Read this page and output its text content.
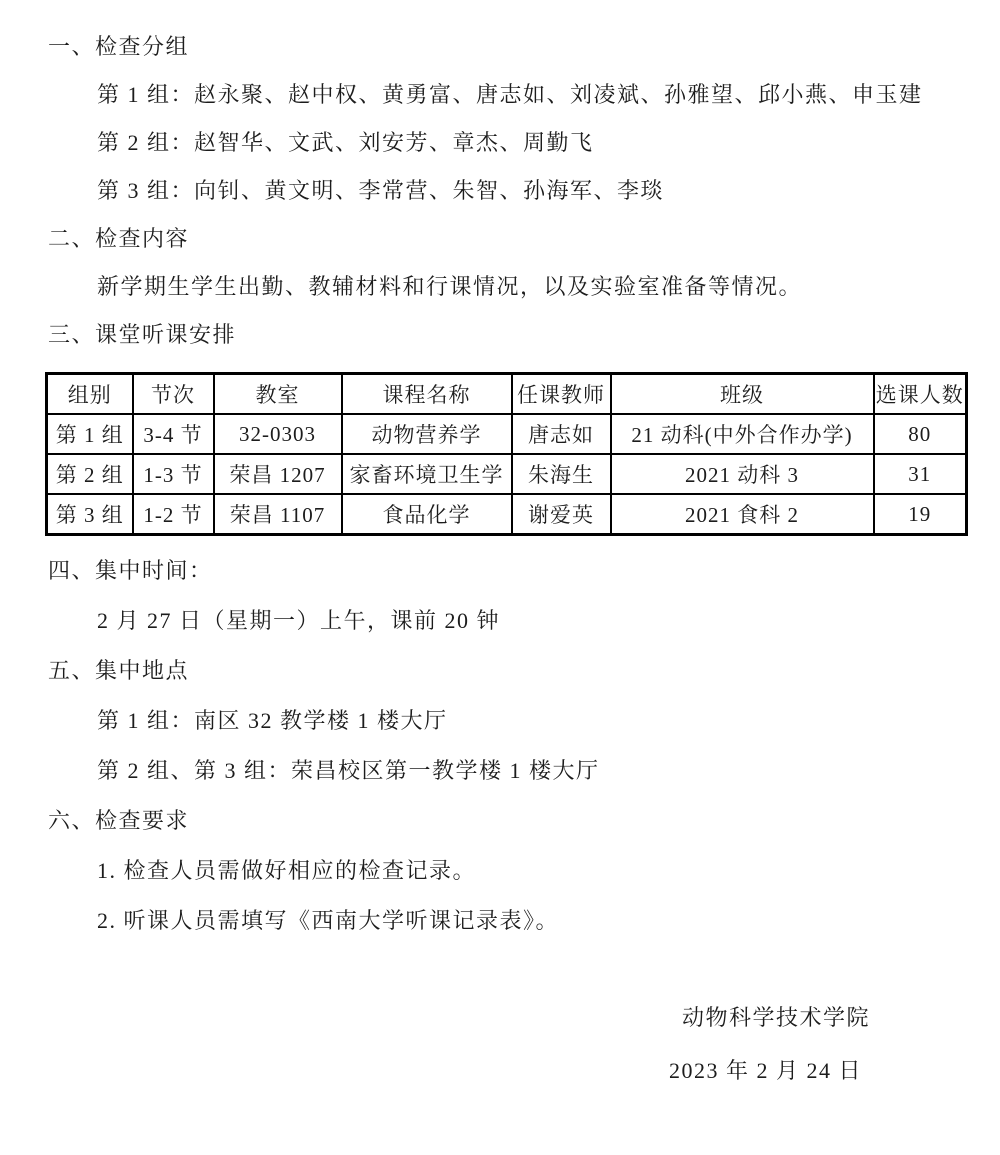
一、检查分组

第 1 组：赵永聚、赵中权、黄勇富、唐志如、刘凌斌、孙雅望、邱小燕、申玉建

第 2 组：赵智华、文武、刘安芳、章杰、周勤飞

第 3 组：向钊、黄文明、李常营、朱智、孙海军、李琰

二、检查内容

新学期生学生出勤、教辅材料和行课情况，以及实验室准备等情况。

三、课堂听课安排

组别	节次	教室	课程名称	任课教师	班级	选课人数
第 1 组	3-4 节	32-0303	动物营养学	唐志如	21 动科(中外合作办学)	80
第 2 组	1-3 节	荣昌 1207	家畜环境卫生学	朱海生	2021 动科 3	31
第 3 组	1-2 节	荣昌 1107	食品化学	谢爱英	2021 食科 2	19

四、集中时间：

2 月 27 日（星期一）上午，课前 20 钟

五、集中地点

第 1 组：南区 32 教学楼 1 楼大厅

第 2 组、第 3 组：荣昌校区第一教学楼 1 楼大厅

六、检查要求

1. 检查人员需做好相应的检查记录。

2. 听课人员需填写《西南大学听课记录表》。

动物科学技术学院

2023 年 2 月 24 日
